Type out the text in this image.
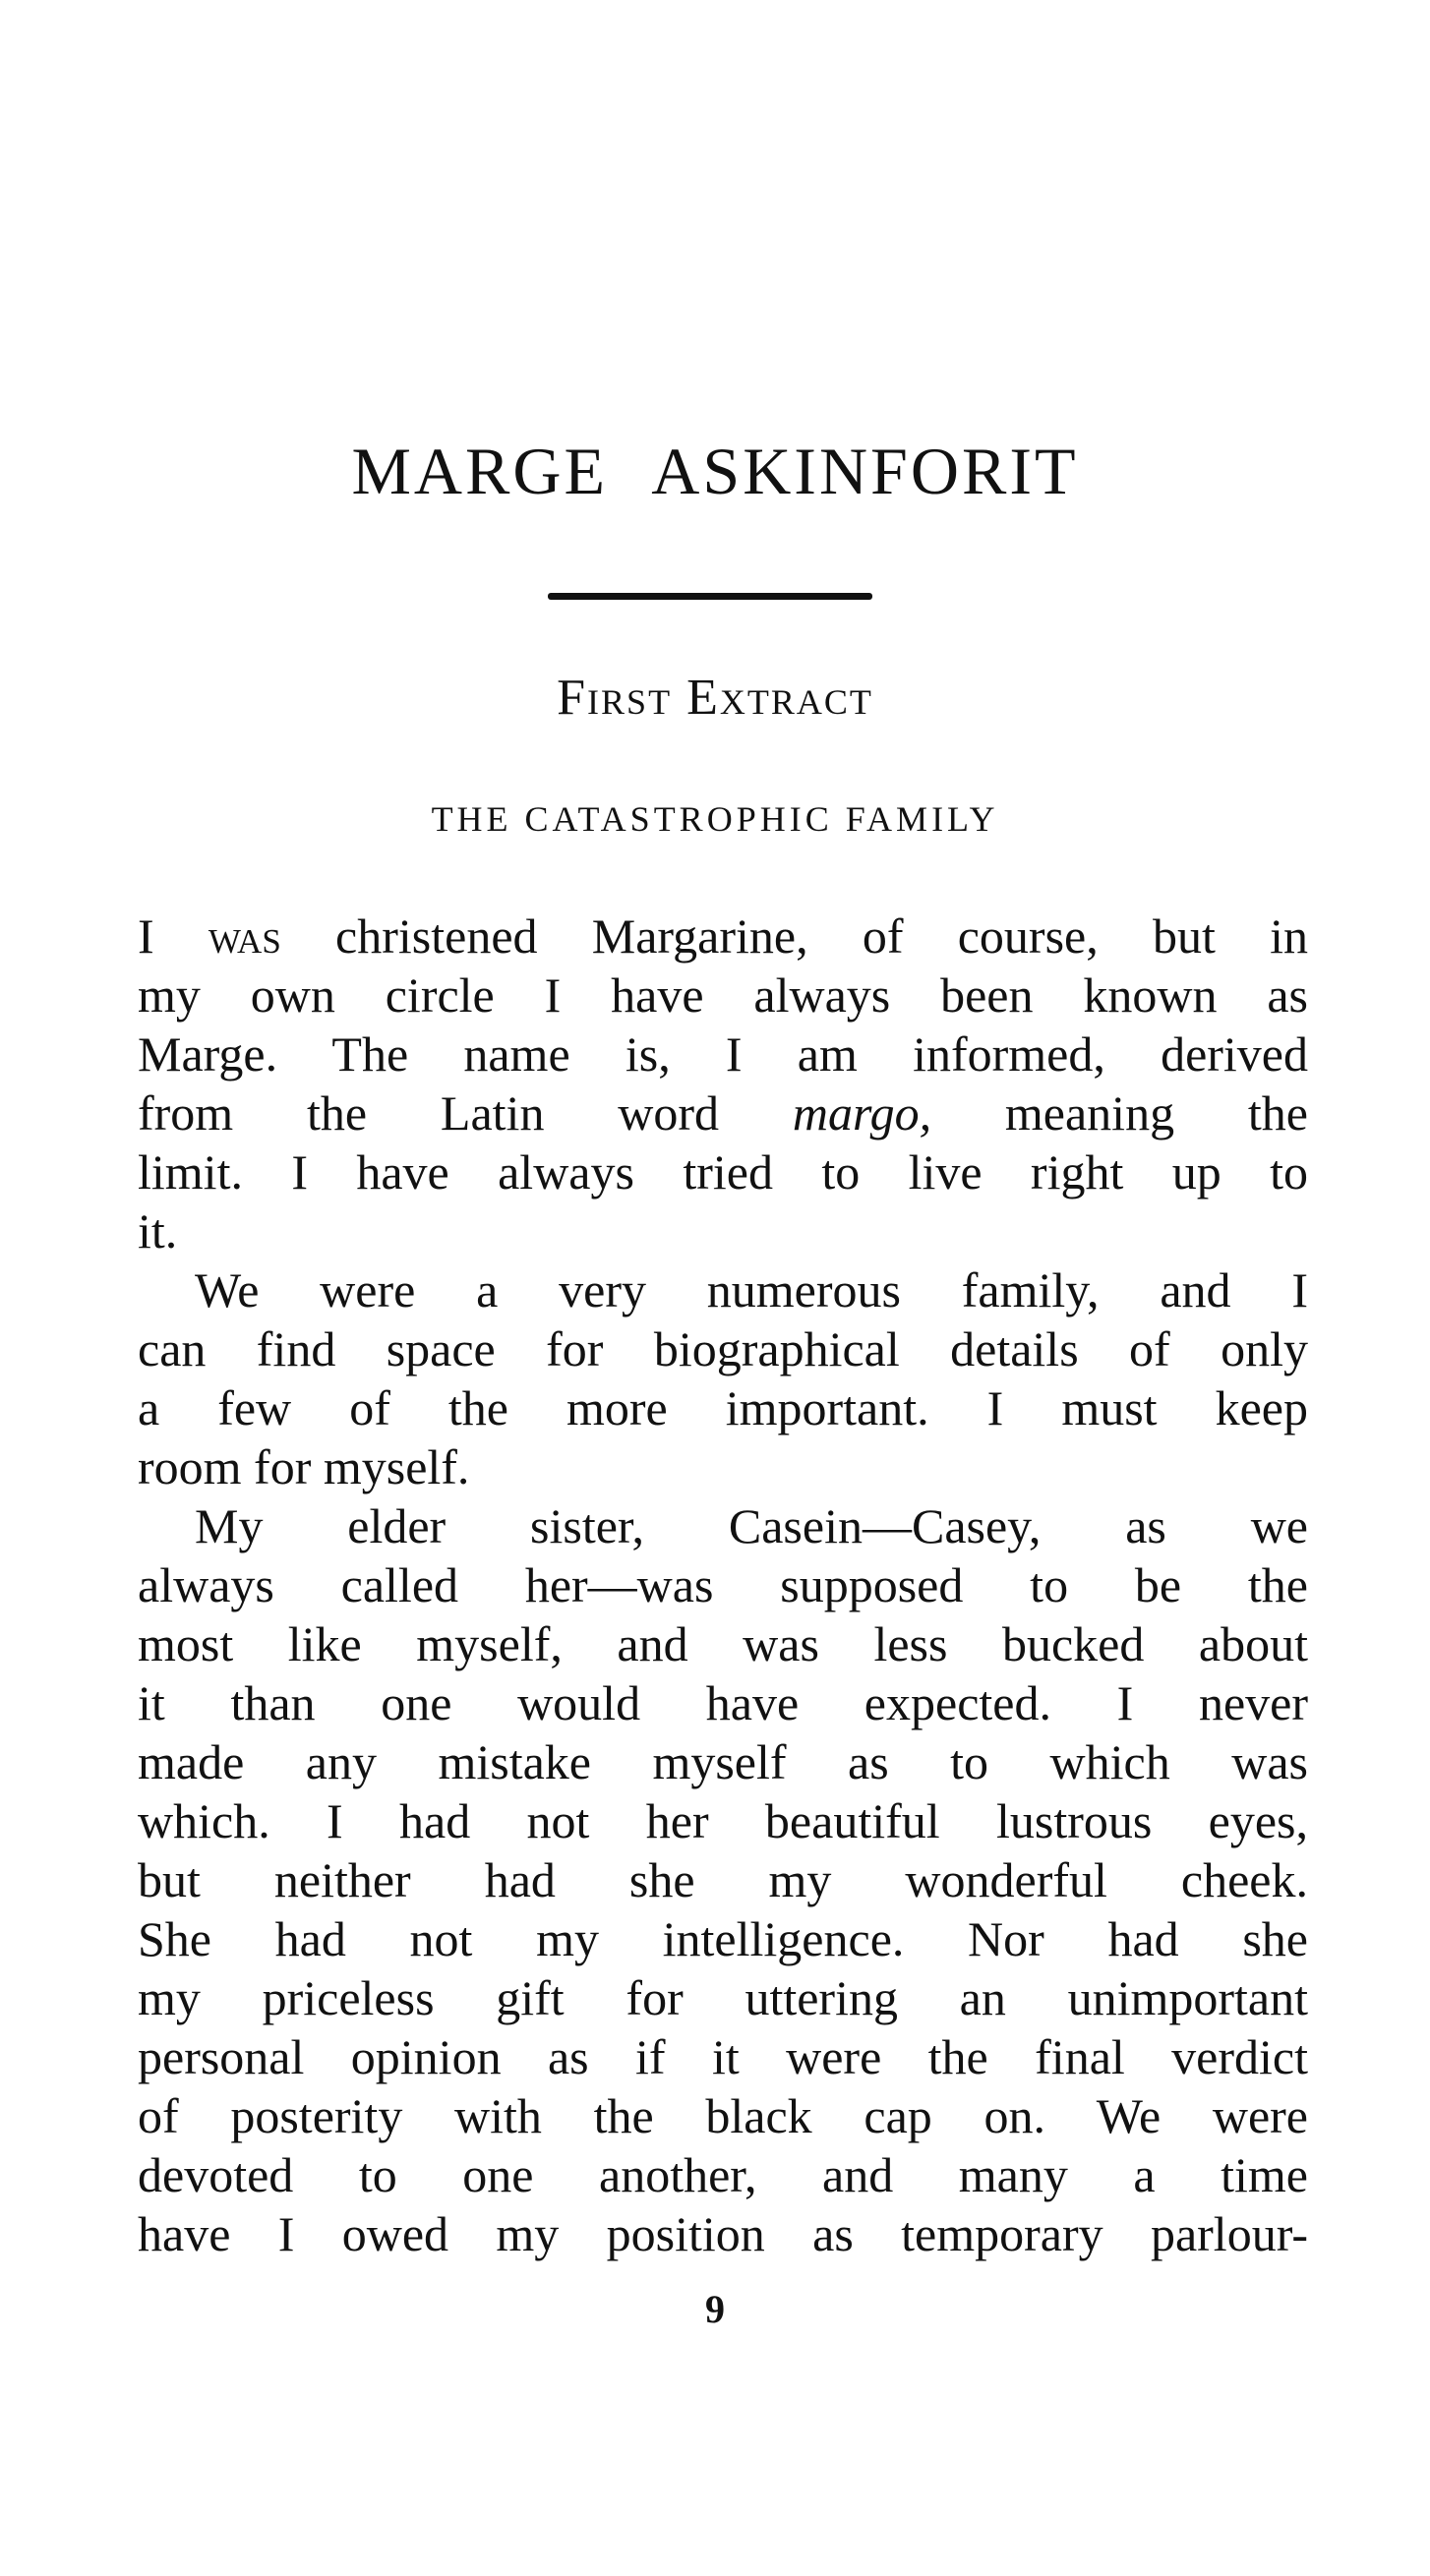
MARGE ASKINFORIT
First Extract
THE CATASTROPHIC FAMILY
I was christened Margarine, of course, but in
my own circle I have always been known as
Marge. The name is, I am informed, derived
from the Latin word margo, meaning the
limit. I have always tried to live right up to
it.
We were a very numerous family, and I
can find space for biographical details of only
a few of the more important. I must keep
room for myself.
My elder sister, Casein—Casey, as we
always called her—was supposed to be the
most like myself, and was less bucked about
it than one would have expected. I never
made any mistake myself as to which was
which. I had not her beautiful lustrous eyes,
but neither had she my wonderful cheek.
She had not my intelligence. Nor had she
my priceless gift for uttering an unimportant
personal opinion as if it were the final verdict
of posterity with the black cap on. We were
devoted to one another, and many a time
have I owed my position as temporary parlour-
9
